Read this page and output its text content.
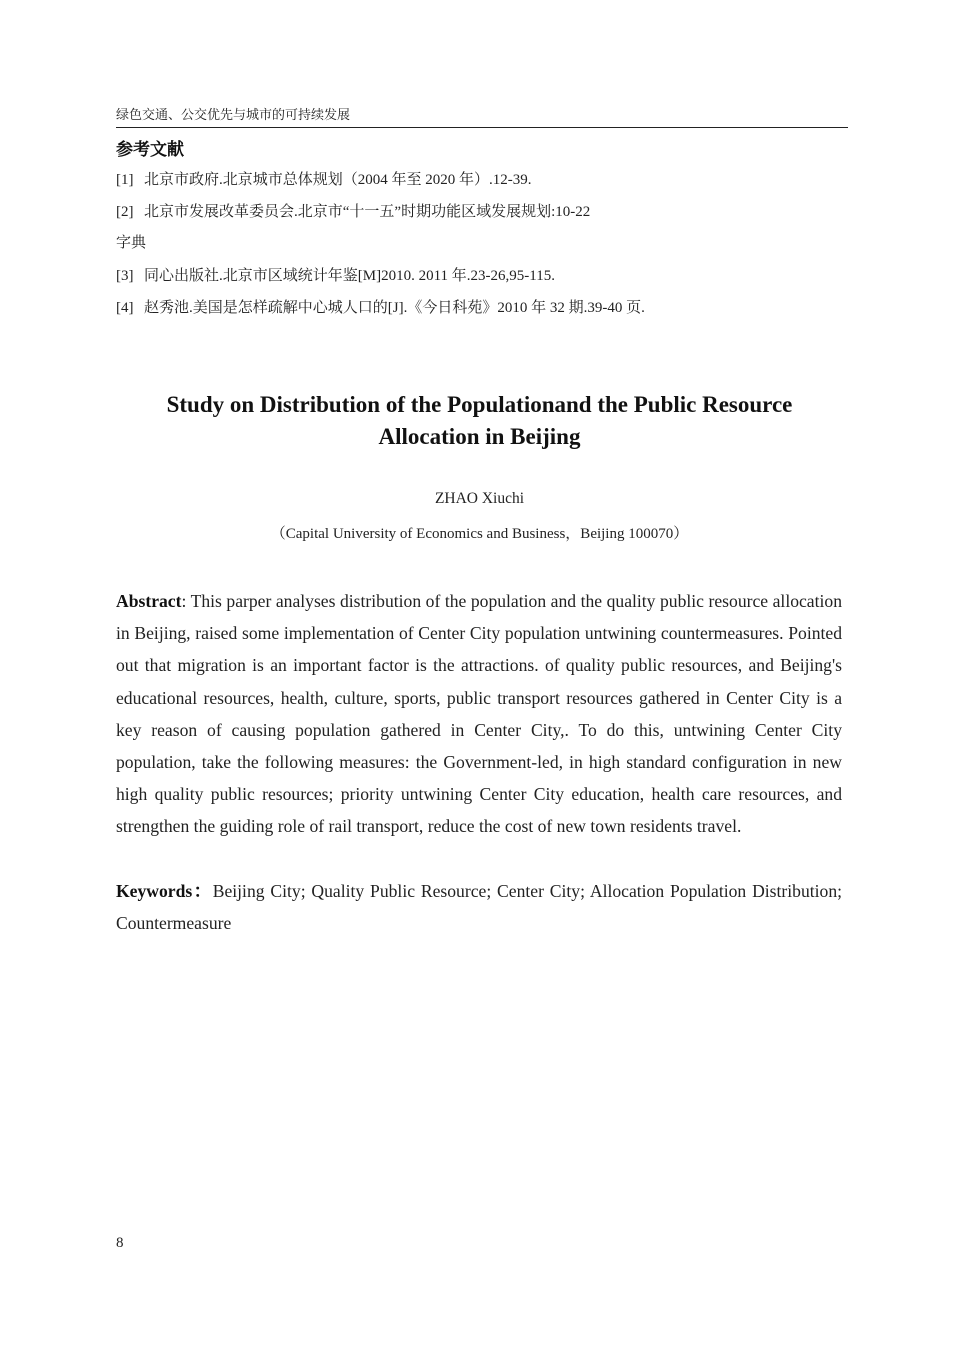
绿色交通、公交优先与城市的可持续发展
参考文献
[1] 北京市政府.北京城市总体规划（2004 年至 2020 年）.12-39.
[2] 北京市发展改革委员会.北京市“十一五”时期功能区域发展规划:10-22
字典
[3] 同心出版社.北京市区域统计年鉴[M]2010. 2011 年.23-26,95-115.
[4] 赵秀池.美国是怎样疏解中心城人口的[J].《今日科苑》2010 年 32 期.39-40 页.
Study on Distribution of the Populationand the Public Resource
Allocation in Beijing
ZHAO Xiuchi
（Capital University of Economics and Business，Beijing 100070）
Abstract: This parper analyses distribution of the population and the quality public resource allocation in Beijing, raised some implementation of Center City population untwining countermeasures. Pointed out that migration is an important factor is the attractions. of quality public resources, and Beijing's educational resources, health, culture, sports, public transport resources gathered in Center City is a key reason of causing population gathered in Center City,. To do this, untwining Center City population, take the following measures: the Government-led, in high standard configuration in new high quality public resources; priority untwining Center City education, health care resources, and strengthen the guiding role of rail transport, reduce the cost of new town residents travel.
Keywords：Beijing City; Quality Public Resource; Center City; Allocation Population Distribution; Countermeasure
8
